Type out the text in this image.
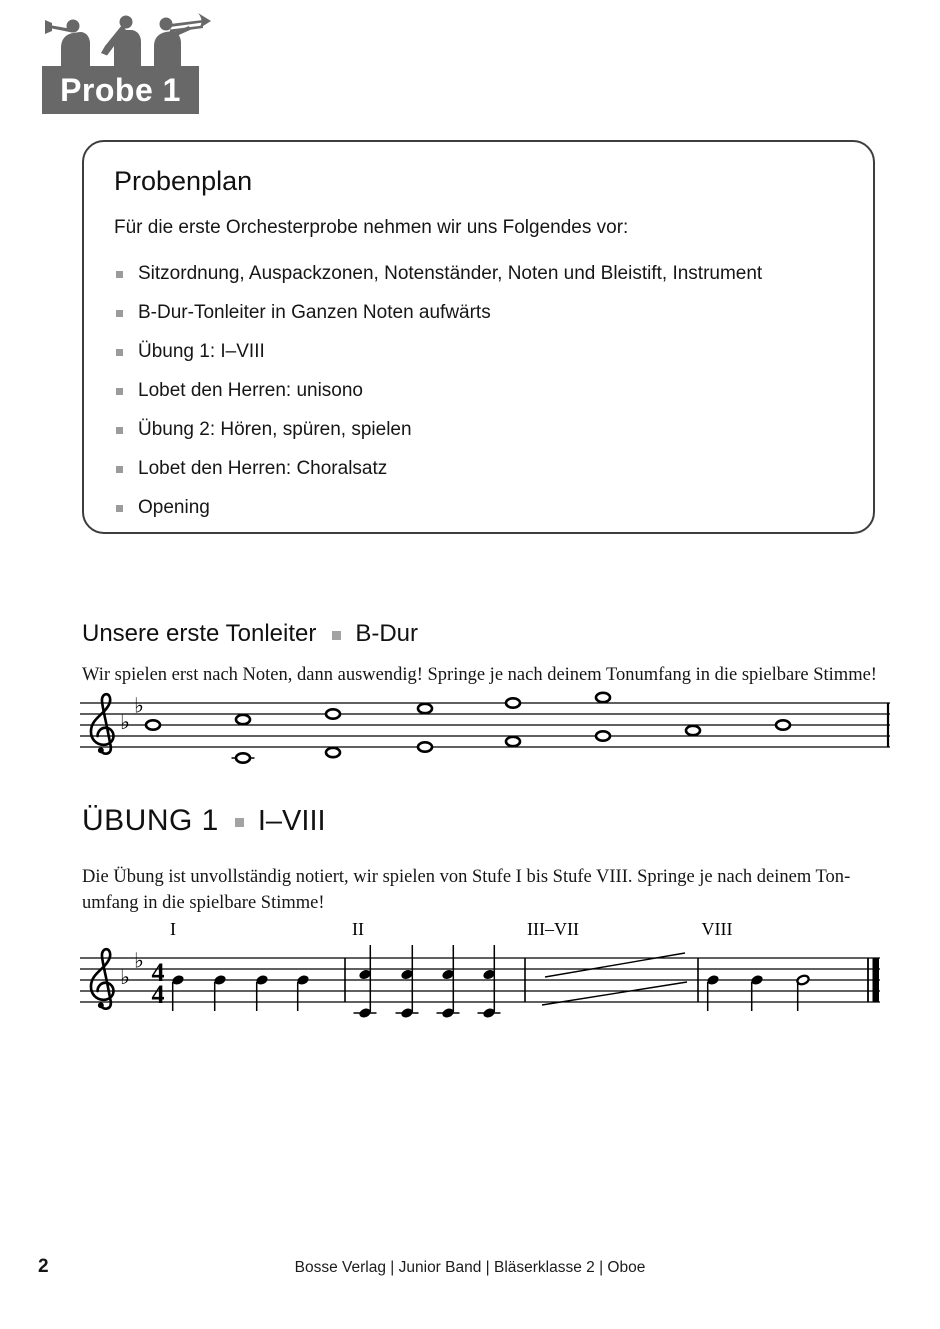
Probe 1
Probenplan

Für die erste Orchesterprobe nehmen wir uns Folgendes vor:

Sitzordnung, Auspackzonen, Notenständer, Noten und Bleistift, Instrument
B-Dur-Tonleiter in Ganzen Noten aufwärts
Übung 1: I–VIII
Lobet den Herren: unisono
Übung 2: Hören, spüren, spielen
Lobet den Herren: Choralsatz
Opening
Unsere erste Tonleiter B-Dur

Wir spielen erst nach Noten, dann auswendig! Springe je nach deinem Tonumfang in die spielbare Stimme!

♭
♭
ÜBUNG 1 I–VIII

Die Übung ist unvollständig notiert, wir spielen von Stufe I bis Stufe VIII. Springe je nach deinem Tonumfang in die spielbare Stimme!

♭
♭ 4
4
I	II	III–VII	VIII
2	Bosse Verlag | Junior Band | Bläserklasse 2 | Oboe
